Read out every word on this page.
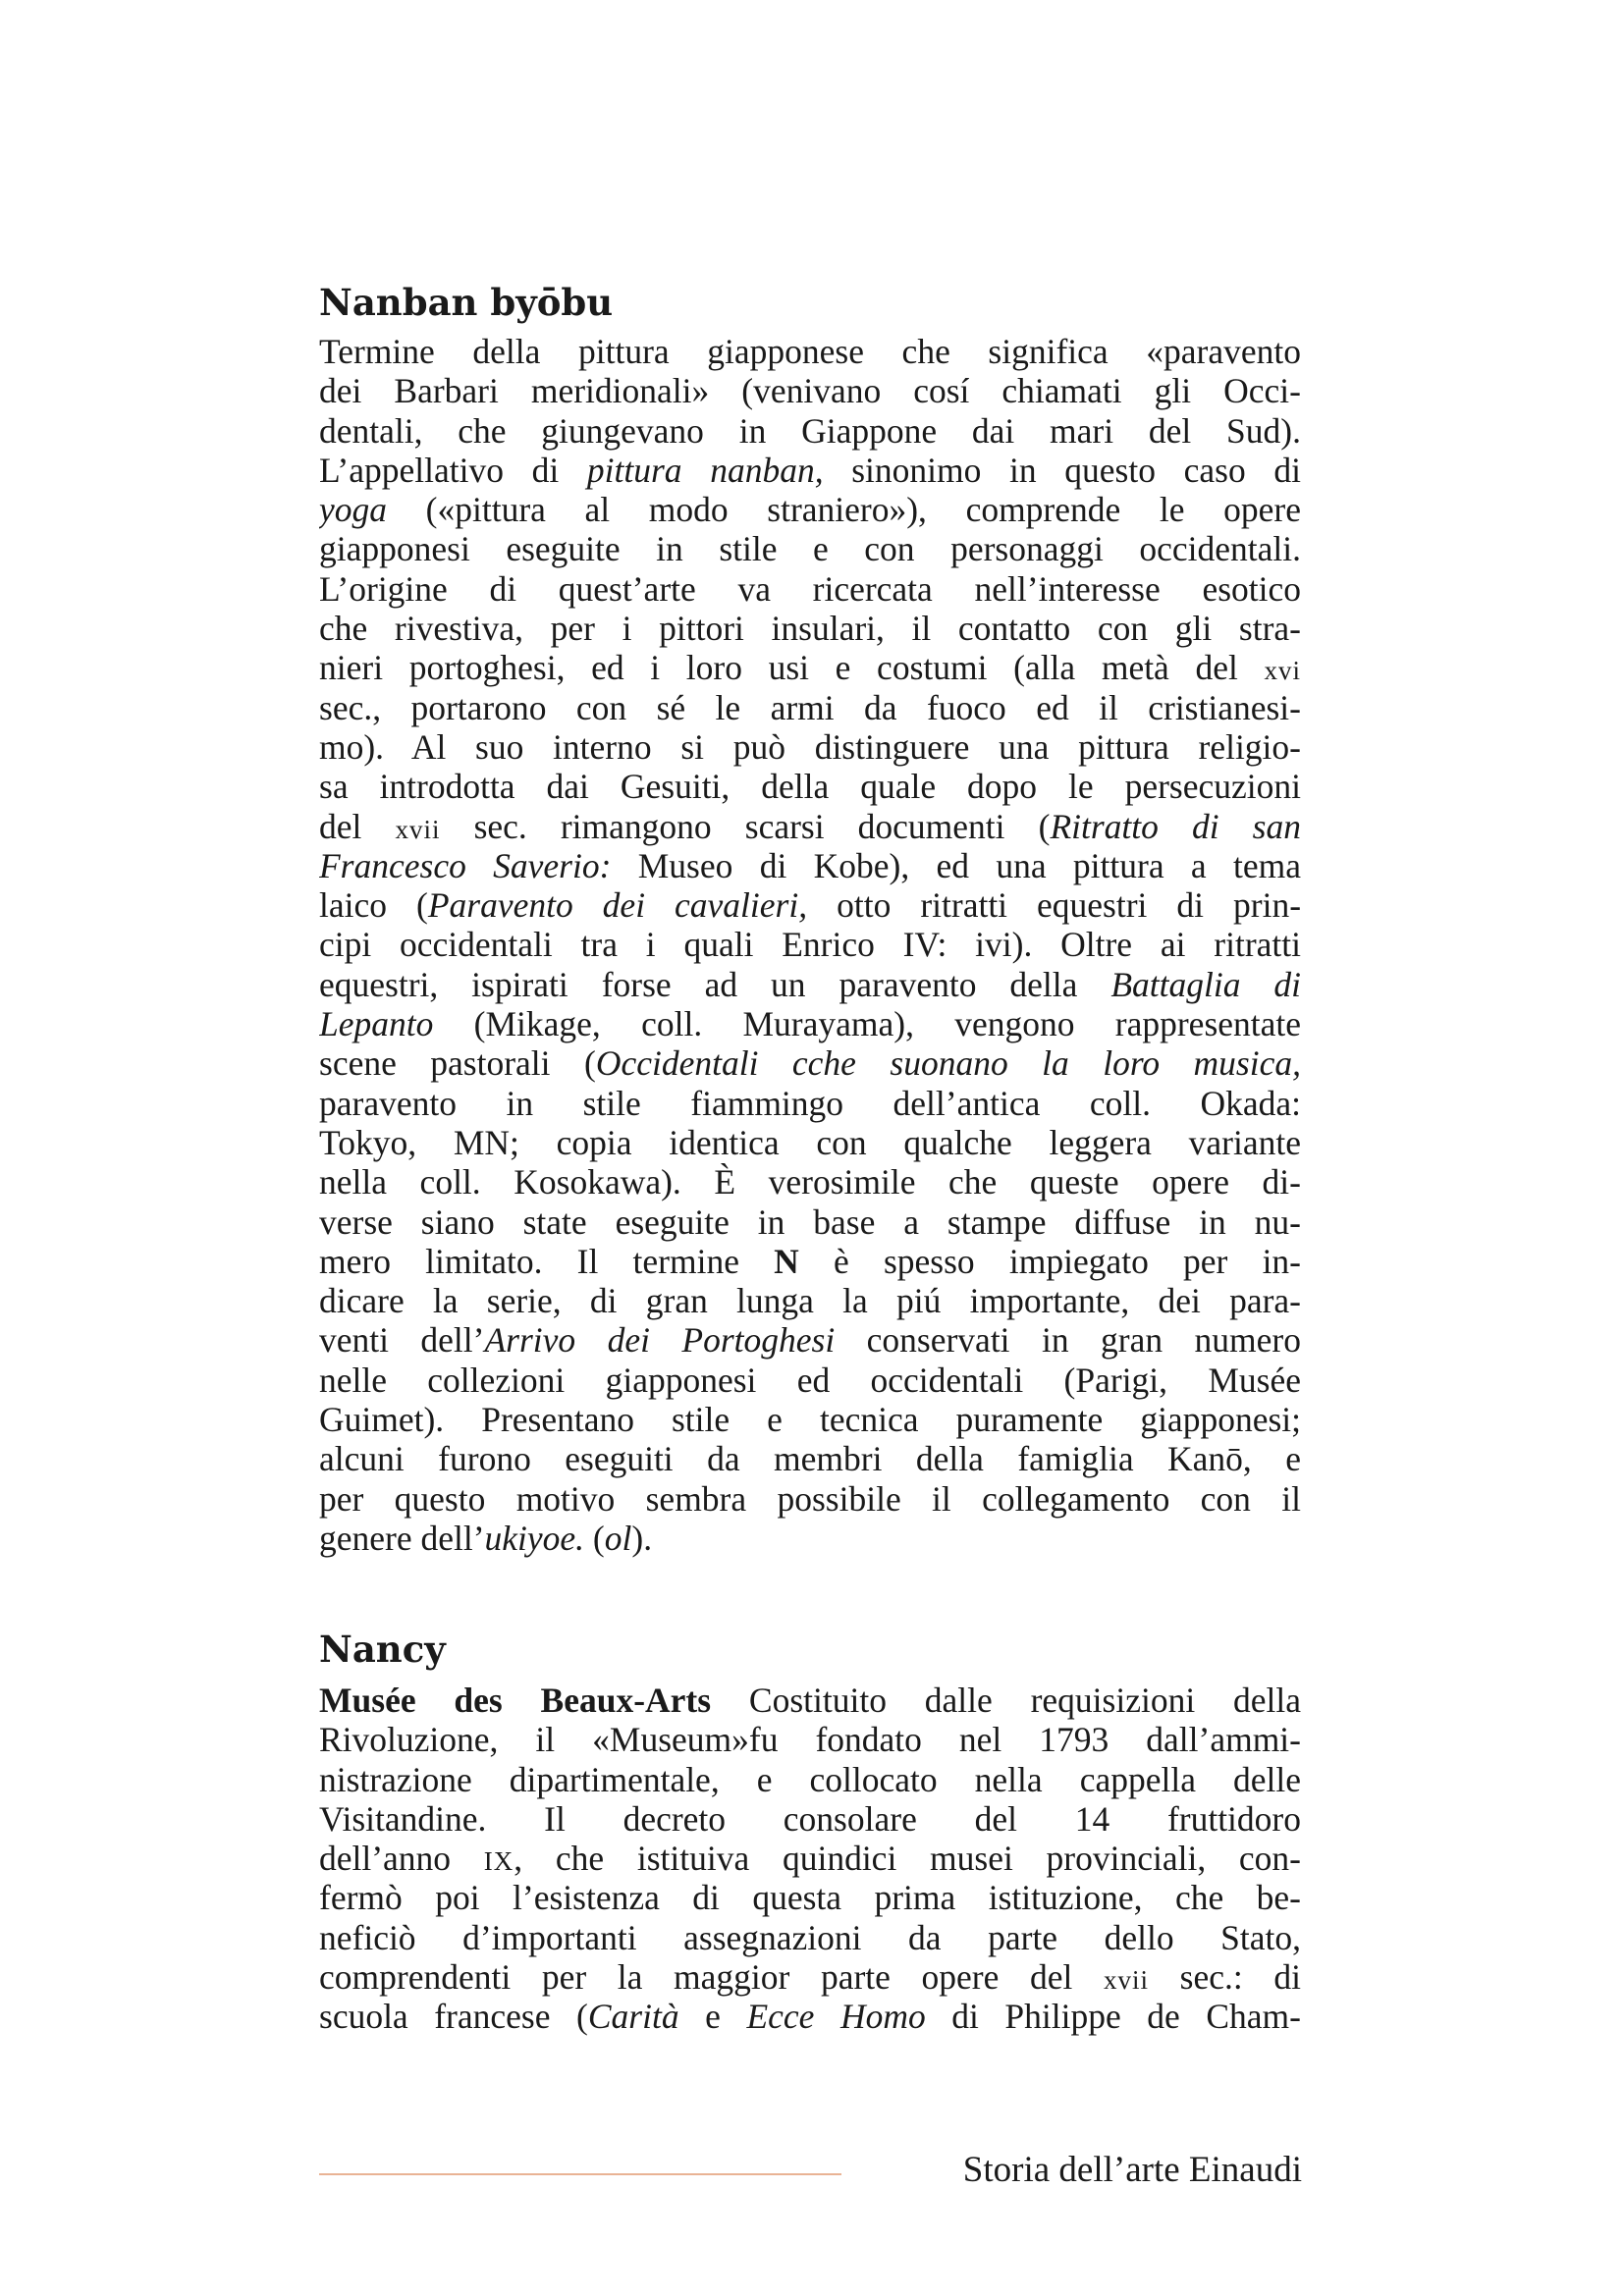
Nanban byōbu
Termine della pittura giapponese che significa «paravento
dei Barbari meridionali» (venivano cosí chiamati gli Occi-
dentali, che giungevano in Giappone dai mari del Sud).
L’appellativo di pittura nanban, sinonimo in questo caso di
yoga («pittura al modo straniero»), comprende le opere
giapponesi eseguite in stile e con personaggi occidentali.
L’origine di quest’arte va ricercata nell’interesse esotico
che rivestiva, per i pittori insulari, il contatto con gli stra-
nieri portoghesi, ed i loro usi e costumi (alla metà del xvi
sec., portarono con sé le armi da fuoco ed il cristianesi-
mo). Al suo interno si può distinguere una pittura religio-
sa introdotta dai Gesuiti, della quale dopo le persecuzioni
del xvii sec. rimangono scarsi documenti (Ritratto di san
Francesco Saverio: Museo di Kobe), ed una pittura a tema
laico (Paravento dei cavalieri, otto ritratti equestri di prin-
cipi occidentali tra i quali Enrico IV: ivi). Oltre ai ritratti
equestri, ispirati forse ad un paravento della Battaglia di
Lepanto (Mikage, coll. Murayama), vengono rappresentate
scene pastorali (Occidentali cche suonano la loro musica,
paravento in stile fiammingo dell’antica coll. Okada:
Tokyo, MN; copia identica con qualche leggera variante
nella coll. Kosokawa). È verosimile che queste opere di-
verse siano state eseguite in base a stampe diffuse in nu-
mero limitato. Il termine N è spesso impiegato per in-
dicare la serie, di gran lunga la piú importante, dei para-
venti dell’Arrivo dei Portoghesi conservati in gran numero
nelle collezioni giapponesi ed occidentali (Parigi, Musée
Guimet). Presentano stile e tecnica puramente giapponesi;
alcuni furono eseguiti da membri della famiglia Kanō, e
per questo motivo sembra possibile il collegamento con il
genere dell’ukiyoe. (ol).
Nancy
Musée des Beaux-Arts Costituito dalle requisizioni della
Rivoluzione, il «Museum»fu fondato nel 1793 dall’ammi-
nistrazione dipartimentale, e collocato nella cappella delle
Visitandine. Il decreto consolare del 14 fruttidoro
dell’anno IX, che istituiva quindici musei provinciali, con-
fermò poi l’esistenza di questa prima istituzione, che be-
neficiò d’importanti assegnazioni da parte dello Stato,
comprendenti per la maggior parte opere del xvii sec.: di
scuola francese (Carità e Ecce Homo di Philippe de Cham-

Storia dell’arte Einaudi
